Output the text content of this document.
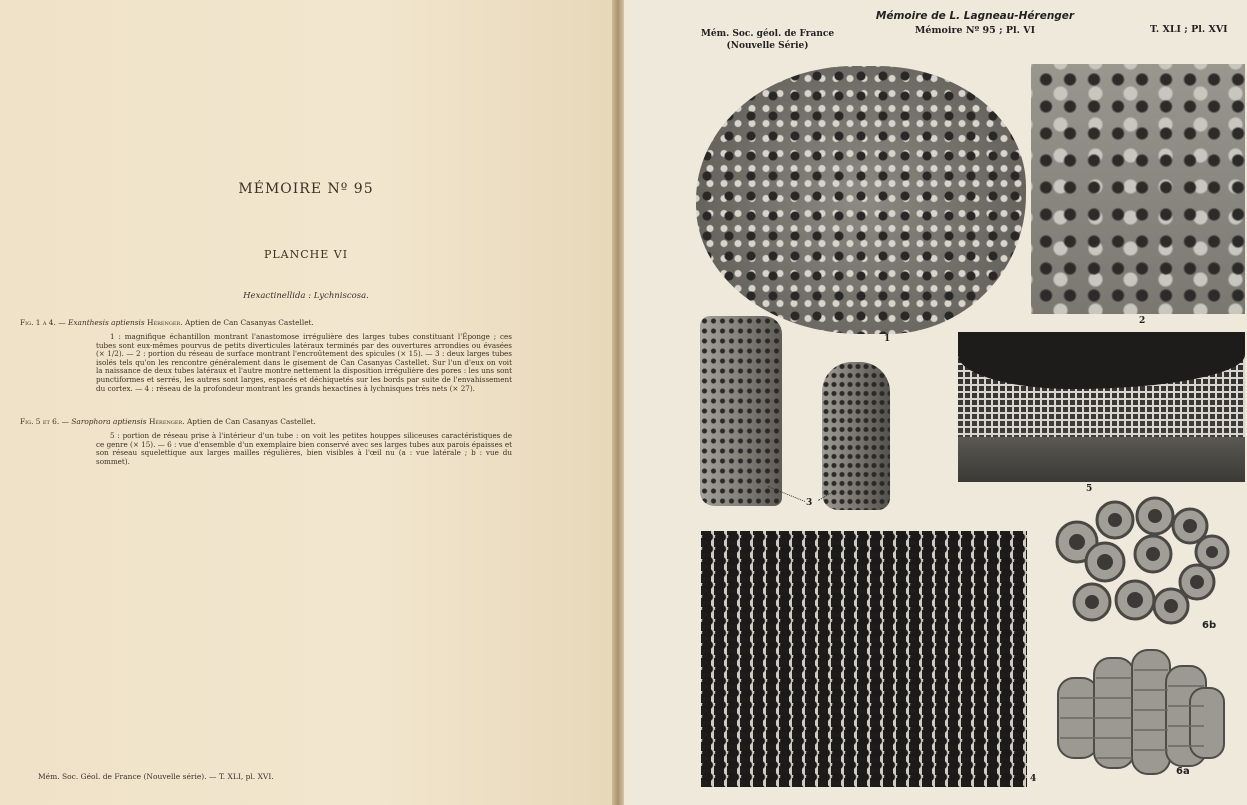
MÉMOIRE Nº 95
PLANCHE VI
Hexactinellida : Lychniscosa.
Fig. 1 à 4. — Exanthesis aptiensis Hérenger. Aptien de Can Casanyas Castellet.
1 : magnifique échantillon montrant l'anastomose irrégulière des larges tubes constituant l'Éponge ; ces tubes sont eux-mêmes pourvus de petits diverticules latéraux terminés par des ouvertures arrondies ou évasées (× 1/2). — 2 : portion du réseau de surface montrant l'encroûtement des spicules (× 15). — 3 : deux larges tubes isolés tels qu'on les rencontre généralement dans le gisement de Can Casanyas Castellet. Sur l'un d'eux on voit la naissance de deux tubes latéraux et l'autre montre nettement la disposition irrégulière des pores : les uns sont punctiformes et serrés, les autres sont larges, espacés et déchiquetés sur les bords par suite de l'envahissement du cortex. — 4 : réseau de la profondeur montrant les grands hexactines à lychnisques très nets (× 27).
Fig. 5 et 6. — Sarophora aptiensis Hérenger. Aptien de Can Casanyas Castellet.
5 : portion de réseau prise à l'intérieur d'un tube : on voit les petites houppes siliceuses caractéristiques de ce genre (× 15). — 6 : vue d'ensemble d'un exemplaire bien conservé avec ses larges tubes aux parois épaisses et son réseau squelettique aux larges mailles régulières, bien visibles à l'œil nu (a : vue latérale ; b : vue du sommet).
Mém. Soc. Géol. de France (Nouvelle série). — T. XLI, pl. XVI.
Mém. Soc. géol. de France
(Nouvelle Série)
Mémoire de L. Lagneau-Hérenger
Mémoire Nº 95 ; Pl. VI	T. XLI ; Pl. XVI
1
2
3
5
4
6b
6a
